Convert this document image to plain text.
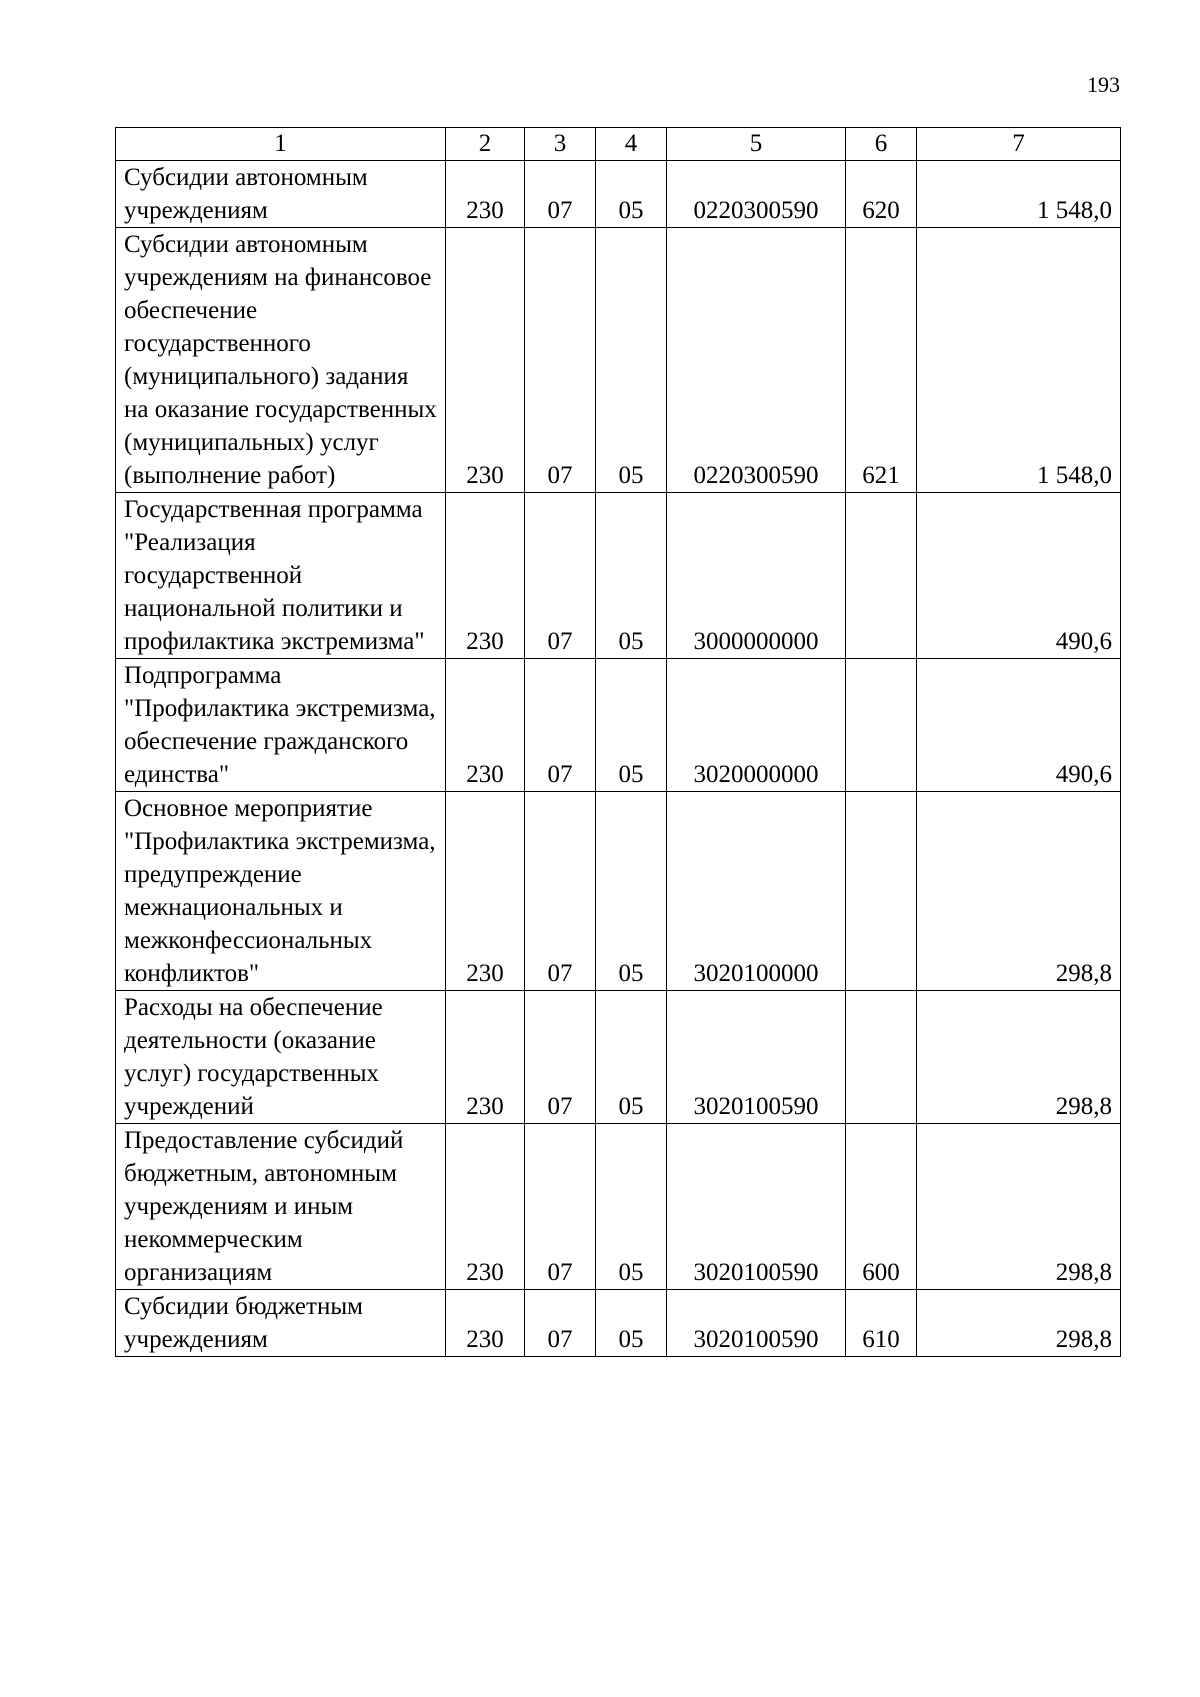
193
1	2	3	4	5	6	7
Субсидии автономным учреждениям	230	07	05	0220300590	620	1 548,0
Субсидии автономным учреждениям на финансовое обеспечение государственного (муниципального) задания на оказание государственных (муниципальных) услуг (выполнение работ)	230	07	05	0220300590	621	1 548,0
Государственная программа "Реализация государственной национальной политики и профилактика экстремизма"	230	07	05	3000000000		490,6
Подпрограмма "Профилактика экстремизма, обеспечение гражданского единства"	230	07	05	3020000000		490,6
Основное мероприятие "Профилактика экстремизма, предупреждение межнациональных и межконфессиональных конфликтов"	230	07	05	3020100000		298,8
Расходы на обеспечение деятельности (оказание услуг) государственных учреждений	230	07	05	3020100590		298,8
Предоставление субсидий бюджетным, автономным учреждениям и иным некоммерческим организациям	230	07	05	3020100590	600	298,8
Субсидии бюджетным учреждениям	230	07	05	3020100590	610	298,8
